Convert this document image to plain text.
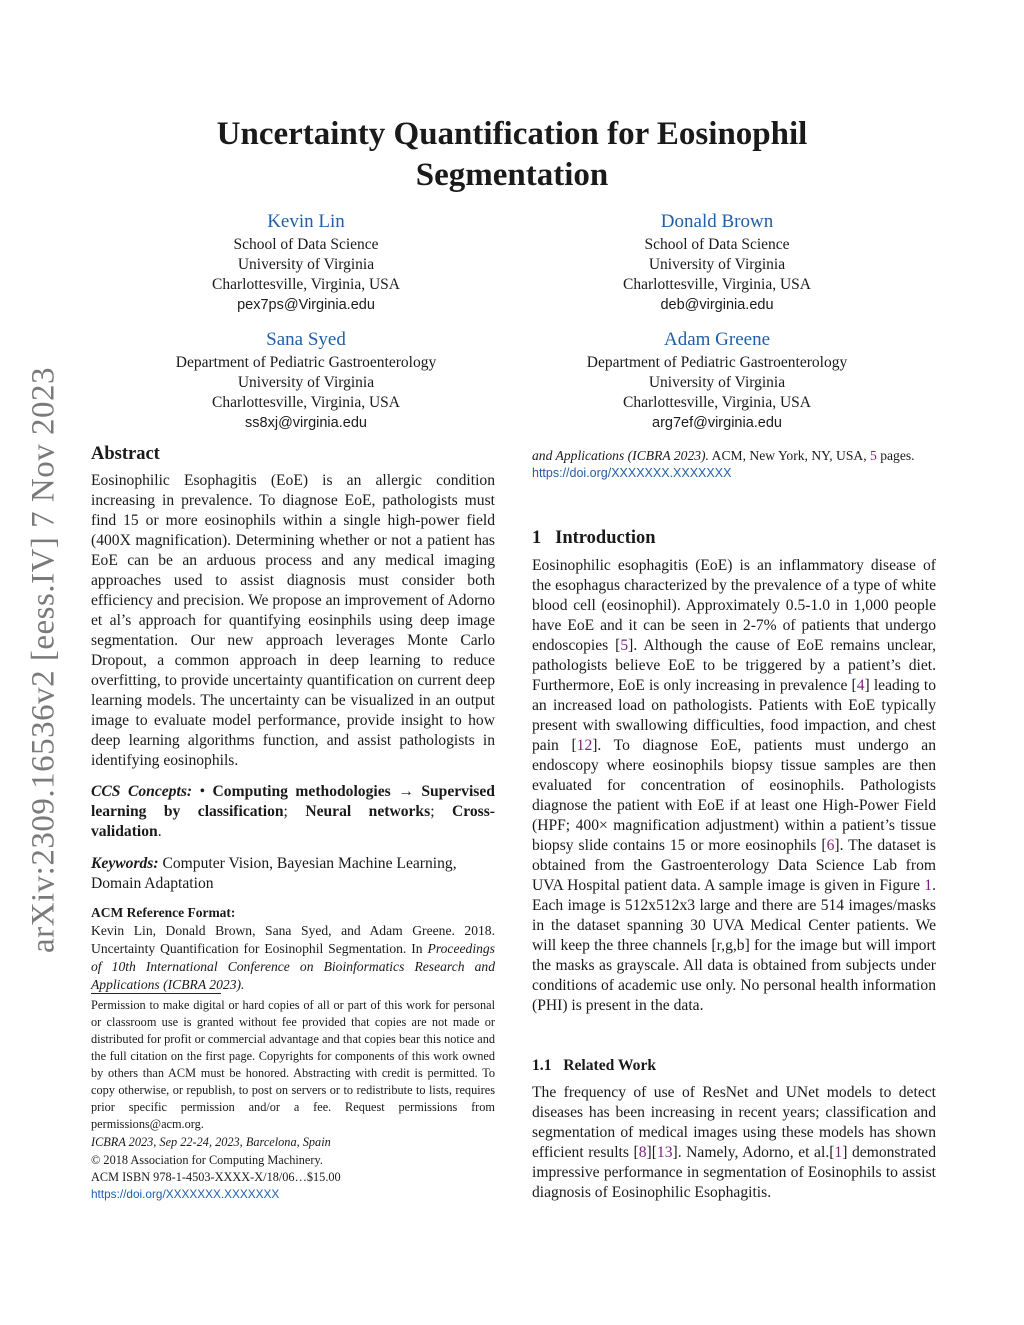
arXiv:2309.16536v2 [eess.IV] 7 Nov 2023
Uncertainty Quantification for Eosinophil
Segmentation
Kevin Lin
School of Data Science
University of Virginia
Charlottesville, Virginia, USA
pex7ps@Virginia.edu
Donald Brown
School of Data Science
University of Virginia
Charlottesville, Virginia, USA
deb@virginia.edu
Sana Syed
Department of Pediatric Gastroenterology
University of Virginia
Charlottesville, Virginia, USA
ss8xj@virginia.edu
Adam Greene
Department of Pediatric Gastroenterology
University of Virginia
Charlottesville, Virginia, USA
arg7ef@virginia.edu
Abstract

Eosinophilic Esophagitis (EoE) is an allergic condition increasing in prevalence. To diagnose EoE, pathologists must find 15 or more eosinophils within a single high-power field (400X magnification). Determining whether or not a patient has EoE can be an arduous process and any medical imaging approaches used to assist diagnosis must consider both efficiency and precision. We propose an improvement of Adorno et al’s approach for quantifying eosinphils using deep image segmentation. Our new approach leverages Monte Carlo Dropout, a common approach in deep learning to reduce overfitting, to provide uncertainty quantification on current deep learning models. The uncertainty can be visualized in an output image to evaluate model performance, provide insight to how deep learning algorithms function, and assist pathologists in identifying eosinophils.

CCS Concepts: • Computing methodologies → Supervised learning by classification; Neural networks; Cross-validation.

Keywords: Computer Vision, Bayesian Machine Learning, Domain Adaptation

ACM Reference Format:

Kevin Lin, Donald Brown, Sana Syed, and Adam Greene. 2018. Uncertainty Quantification for Eosinophil Segmentation. In Proceedings of 10th International Conference on Bioinformatics Research and Applications (ICBRA 2023).

Permission to make digital or hard copies of all or part of this work for personal or classroom use is granted without fee provided that copies are not made or distributed for profit or commercial advantage and that copies bear this notice and the full citation on the first page. Copyrights for components of this work owned by others than ACM must be honored. Abstracting with credit is permitted. To copy otherwise, or republish, to post on servers or to redistribute to lists, requires prior specific permission and/or a fee. Request permissions from permissions@acm.org.

ICBRA 2023, Sep 22-24, 2023, Barcelona, Spain

© 2018 Association for Computing Machinery.

ACM ISBN 978-1-4503-XXXX-X/18/06…$15.00

https://doi.org/XXXXXXX.XXXXXXX

and Applications (ICBRA 2023). ACM, New York, NY, USA, 5 pages.

https://doi.org/XXXXXXX.XXXXXXX

1 Introduction

Eosinophilic esophagitis (EoE) is an inflammatory disease of the esophagus characterized by the prevalence of a type of white blood cell (eosinophil). Approximately 0.5-1.0 in 1,000 people have EoE and it can be seen in 2-7% of patients that undergo endoscopies [5]. Although the cause of EoE remains unclear, pathologists believe EoE to be triggered by a patient’s diet. Furthermore, EoE is only increasing in prevalence [4] leading to an increased load on pathologists. Patients with EoE typically present with swallowing difficulties, food impaction, and chest pain [12]. To diagnose EoE, patients must undergo an endoscopy where eosinophils biopsy tissue samples are then evaluated for concentration of eosinophils. Pathologists diagnose the patient with EoE if at least one High-Power Field (HPF; 400× magnification adjustment) within a patient’s tissue biopsy slide contains 15 or more eosinophils [6]. The dataset is obtained from the Gastroenterology Data Science Lab from UVA Hospital patient data. A sample image is given in Figure 1. Each image is 512x512x3 large and there are 514 images/masks in the dataset spanning 30 UVA Medical Center patients. We will keep the three channels [r,g,b] for the image but will import the masks as grayscale. All data is obtained from subjects under conditions of academic use only. No personal health information (PHI) is present in the data.

1.1 Related Work

The frequency of use of ResNet and UNet models to detect diseases has been increasing in recent years; classification and segmentation of medical images using these models has shown efficient results [8][13]. Namely, Adorno, et al.[1] demonstrated impressive performance in segmentation of Eosinophils to assist diagnosis of Eosinophilic Esophagitis.
